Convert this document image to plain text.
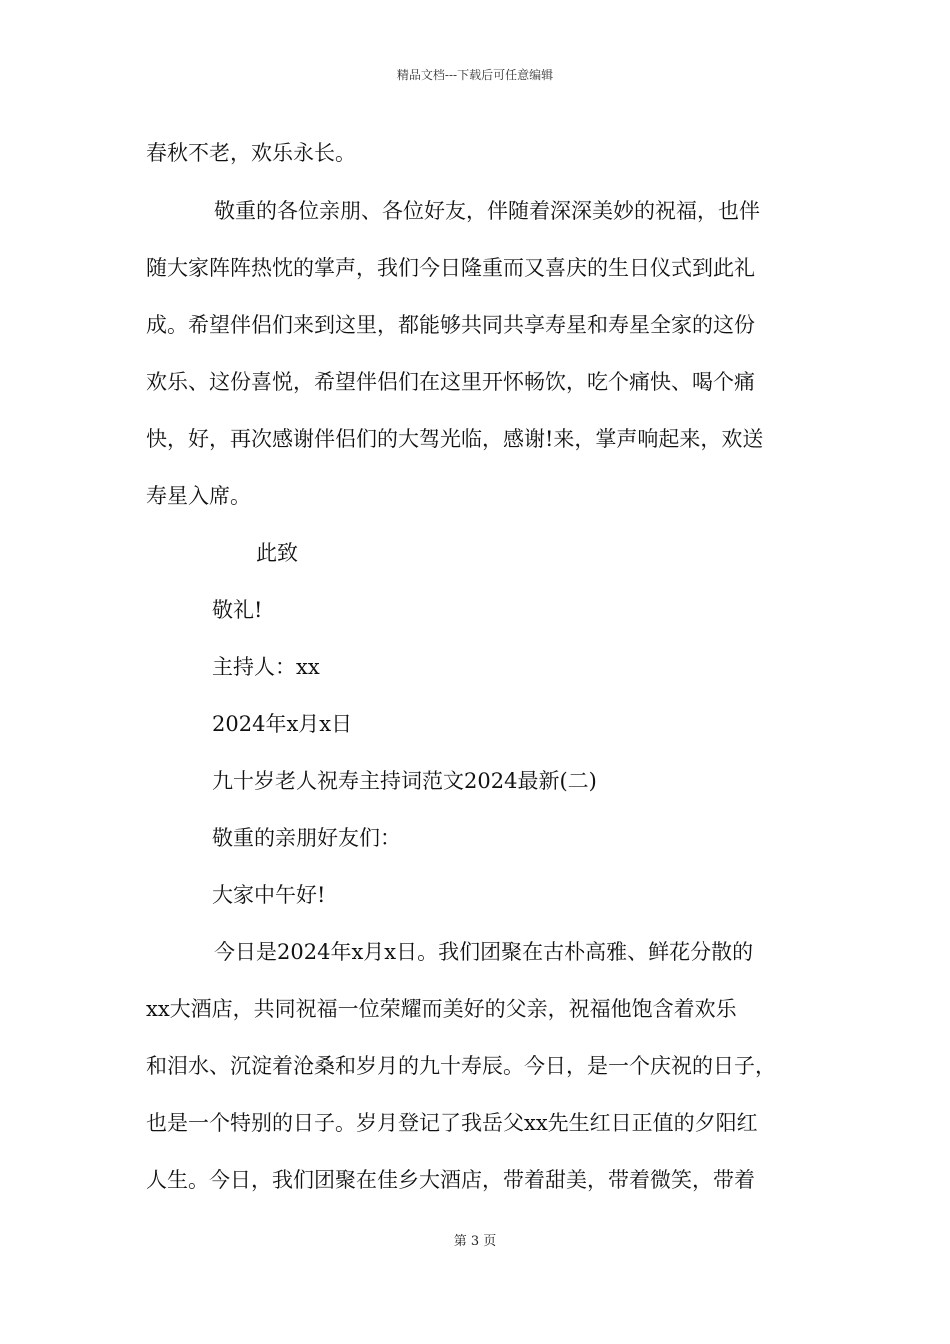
精品文档---下载后可任意编辑
春秋不老，欢乐永长。
敬重的各位亲朋、各位好友，伴随着深深美妙的祝福，也伴
随大家阵阵热忱的掌声，我们今日隆重而又喜庆的生日仪式到此礼
成。希望伴侣们来到这里，都能够共同共享寿星和寿星全家的这份
欢乐、这份喜悦，希望伴侣们在这里开怀畅饮，吃个痛快、喝个痛
快，好，再次感谢伴侣们的大驾光临，感谢!来，掌声响起来，欢送
寿星入席。
此致
敬礼!
主持人：xx
2024年x月x日
九十岁老人祝寿主持词范文2024最新(二)
敬重的亲朋好友们：
大家中午好!
今日是2024年x月x日。我们团聚在古朴高雅、鲜花分散的
xx大酒店，共同祝福一位荣耀而美好的父亲，祝福他饱含着欢乐
和泪水、沉淀着沧桑和岁月的九十寿辰。今日，是一个庆祝的日子，
也是一个特别的日子。岁月登记了我岳父xx先生红日正值的夕阳红
人生。今日，我们团聚在佳乡大酒店，带着甜美，带着微笑，带着
第 3 页
